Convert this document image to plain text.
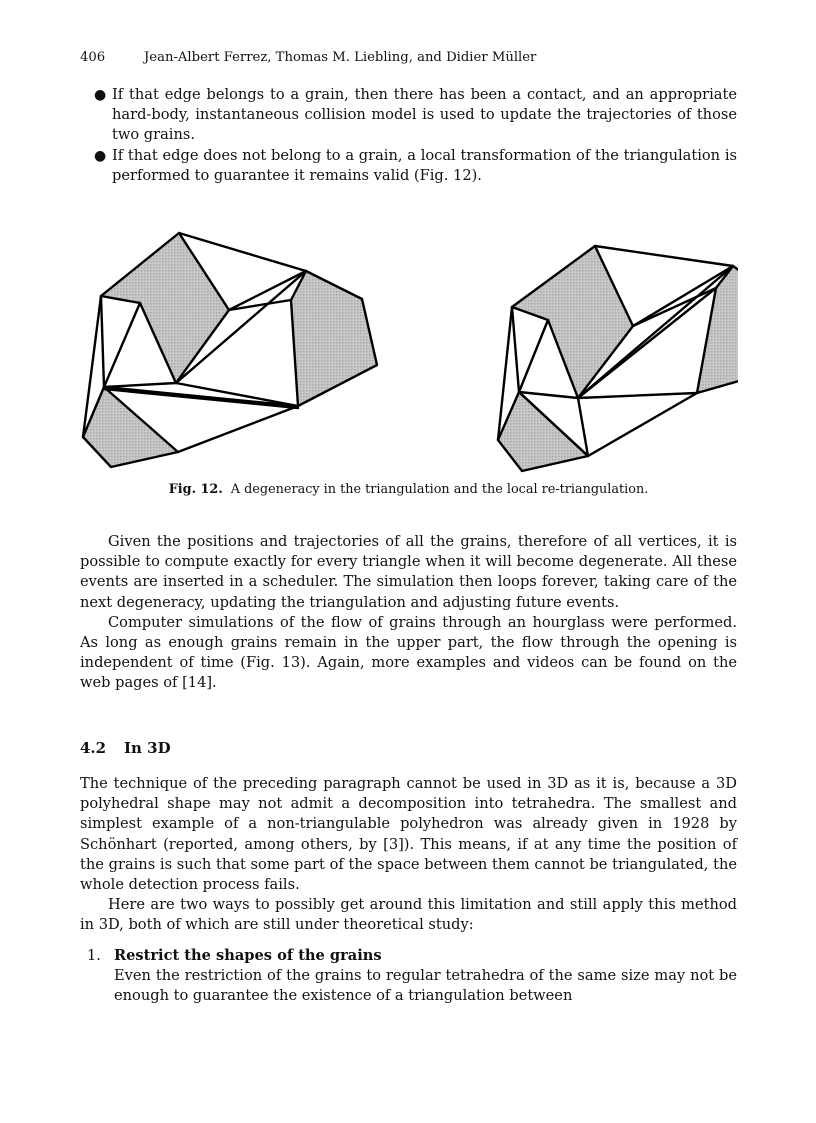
406	Jean-Albert Ferrez, Thomas M. Liebling, and Didier Müller
● If that edge belongs to a grain, then there has been a contact, and an appropriate hard-body, instantaneous collision model is used to update the trajectories of those two grains.
● If that edge does not belong to a grain, a local transformation of the triangulation is performed to guarantee it remains valid (Fig. 12).
Fig. 12. A degeneracy in the triangulation and the local re-triangulation.

Given the positions and trajectories of all the grains, therefore of all vertices, it is possible to compute exactly for every triangle when it will become degenerate. All these events are inserted in a scheduler. The simulation then loops forever, taking care of the next degeneracy, updating the triangulation and adjusting future events.

Computer simulations of the flow of grains through an hourglass were performed. As long as enough grains remain in the upper part, the flow through the opening is independent of time (Fig. 13). Again, more examples and videos can be found on the web pages of [14].

4.2 In 3D

The technique of the preceding paragraph cannot be used in 3D as it is, because a 3D polyhedral shape may not admit a decomposition into tetrahedra. The smallest and simplest example of a non-triangulable polyhedron was already given in 1928 by Schönhart (reported, among others, by [3]). This means, if at any time the position of the grains is such that some part of the space between them cannot be triangulated, the whole detection process fails.

Here are two ways to possibly get around this limitation and still apply this method in 3D, both of which are still under theoretical study:

1. Restrict the shapes of the grains
Even the restriction of the grains to regular tetrahedra of the same size may not be enough to guarantee the existence of a triangulation between
